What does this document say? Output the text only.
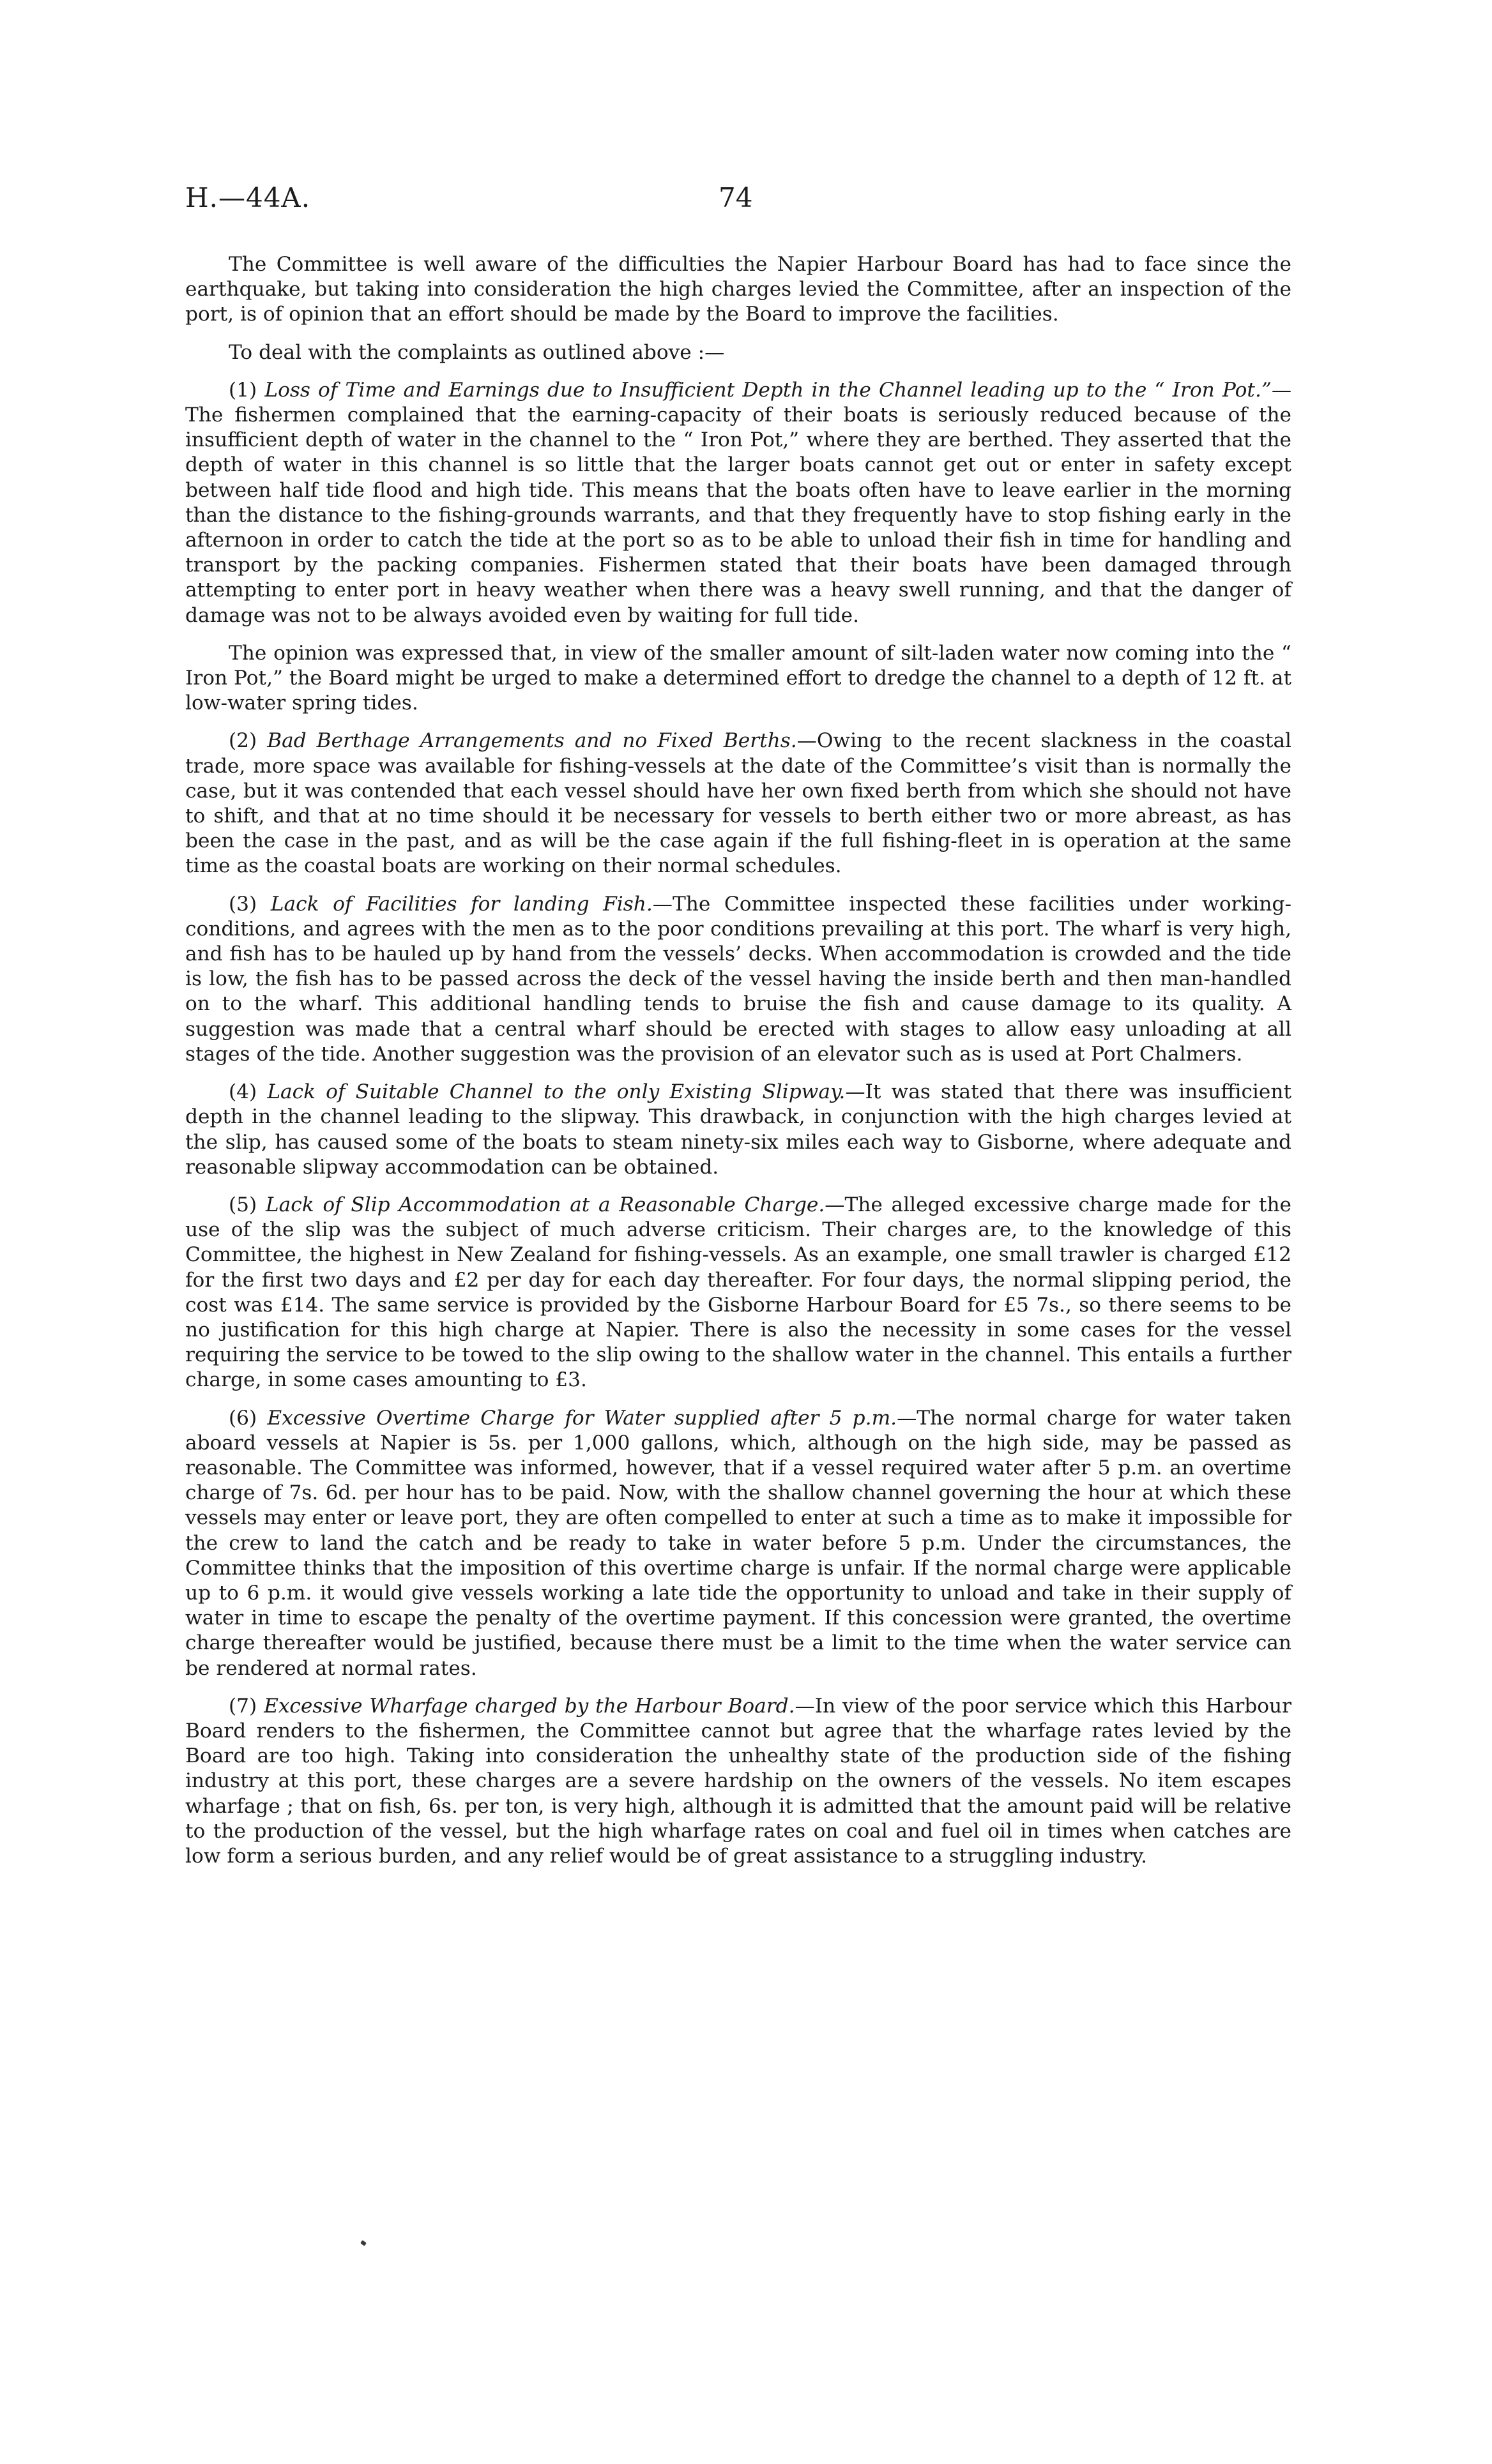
H.—44A.	74

The Committee is well aware of the difficulties the Napier Harbour Board has had to face since the earthquake, but taking into consideration the high charges levied the Committee, after an inspection of the port, is of opinion that an effort should be made by the Board to improve the facilities.

To deal with the complaints as outlined above :—

(1) Loss of Time and Earnings due to Insufficient Depth in the Channel leading up to the “ Iron Pot.”—The fishermen complained that the earning-capacity of their boats is seriously reduced because of the insufficient depth of water in the channel to the “ Iron Pot,” where they are berthed. They asserted that the depth of water in this channel is so little that the larger boats cannot get out or enter in safety except between half tide flood and high tide. This means that the boats often have to leave earlier in the morning than the distance to the fishing-grounds warrants, and that they frequently have to stop fishing early in the afternoon in order to catch the tide at the port so as to be able to unload their fish in time for handling and transport by the packing companies. Fishermen stated that their boats have been damaged through attempting to enter port in heavy weather when there was a heavy swell running, and that the danger of damage was not to be always avoided even by waiting for full tide.

The opinion was expressed that, in view of the smaller amount of silt-laden water now coming into the “ Iron Pot,” the Board might be urged to make a determined effort to dredge the channel to a depth of 12 ft. at low-water spring tides.

(2) Bad Berthage Arrangements and no Fixed Berths.—Owing to the recent slackness in the coastal trade, more space was available for fishing-vessels at the date of the Committee’s visit than is normally the case, but it was contended that each vessel should have her own fixed berth from which she should not have to shift, and that at no time should it be necessary for vessels to berth either two or more abreast, as has been the case in the past, and as will be the case again if the full fishing-fleet in is operation at the same time as the coastal boats are working on their normal schedules.

(3) Lack of Facilities for landing Fish.—The Committee inspected these facilities under working-conditions, and agrees with the men as to the poor conditions prevailing at this port. The wharf is very high, and fish has to be hauled up by hand from the vessels’ decks. When accommodation is crowded and the tide is low, the fish has to be passed across the deck of the vessel having the inside berth and then man-handled on to the wharf. This additional handling tends to bruise the fish and cause damage to its quality. A suggestion was made that a central wharf should be erected with stages to allow easy unloading at all stages of the tide. Another suggestion was the provision of an elevator such as is used at Port Chalmers.

(4) Lack of Suitable Channel to the only Existing Slipway.—It was stated that there was insufficient depth in the channel leading to the slipway. This drawback, in conjunction with the high charges levied at the slip, has caused some of the boats to steam ninety-six miles each way to Gisborne, where adequate and reasonable slipway accommodation can be obtained.

(5) Lack of Slip Accommodation at a Reasonable Charge.—The alleged excessive charge made for the use of the slip was the subject of much adverse criticism. Their charges are, to the knowledge of this Committee, the highest in New Zealand for fishing-vessels. As an example, one small trawler is charged £12 for the first two days and £2 per day for each day thereafter. For four days, the normal slipping period, the cost was £14. The same service is provided by the Gisborne Harbour Board for £5 7s., so there seems to be no justification for this high charge at Napier. There is also the necessity in some cases for the vessel requiring the service to be towed to the slip owing to the shallow water in the channel. This entails a further charge, in some cases amounting to £3.

(6) Excessive Overtime Charge for Water supplied after 5 p.m.—The normal charge for water taken aboard vessels at Napier is 5s. per 1,000 gallons, which, although on the high side, may be passed as reasonable. The Committee was informed, however, that if a vessel required water after 5 p.m. an overtime charge of 7s. 6d. per hour has to be paid. Now, with the shallow channel governing the hour at which these vessels may enter or leave port, they are often compelled to enter at such a time as to make it impossible for the crew to land the catch and be ready to take in water before 5 p.m. Under the circumstances, the Committee thinks that the imposition of this overtime charge is unfair. If the normal charge were applicable up to 6 p.m. it would give vessels working a late tide the opportunity to unload and take in their supply of water in time to escape the penalty of the overtime payment. If this concession were granted, the overtime charge thereafter would be justified, because there must be a limit to the time when the water service can be rendered at normal rates.

(7) Excessive Wharfage charged by the Harbour Board.—In view of the poor service which this Harbour Board renders to the fishermen, the Committee cannot but agree that the wharfage rates levied by the Board are too high. Taking into consideration the unhealthy state of the production side of the fishing industry at this port, these charges are a severe hardship on the owners of the vessels. No item escapes wharfage ; that on fish, 6s. per ton, is very high, although it is admitted that the amount paid will be relative to the production of the vessel, but the high wharfage rates on coal and fuel oil in times when catches are low form a serious burden, and any relief would be of great assistance to a struggling industry.
